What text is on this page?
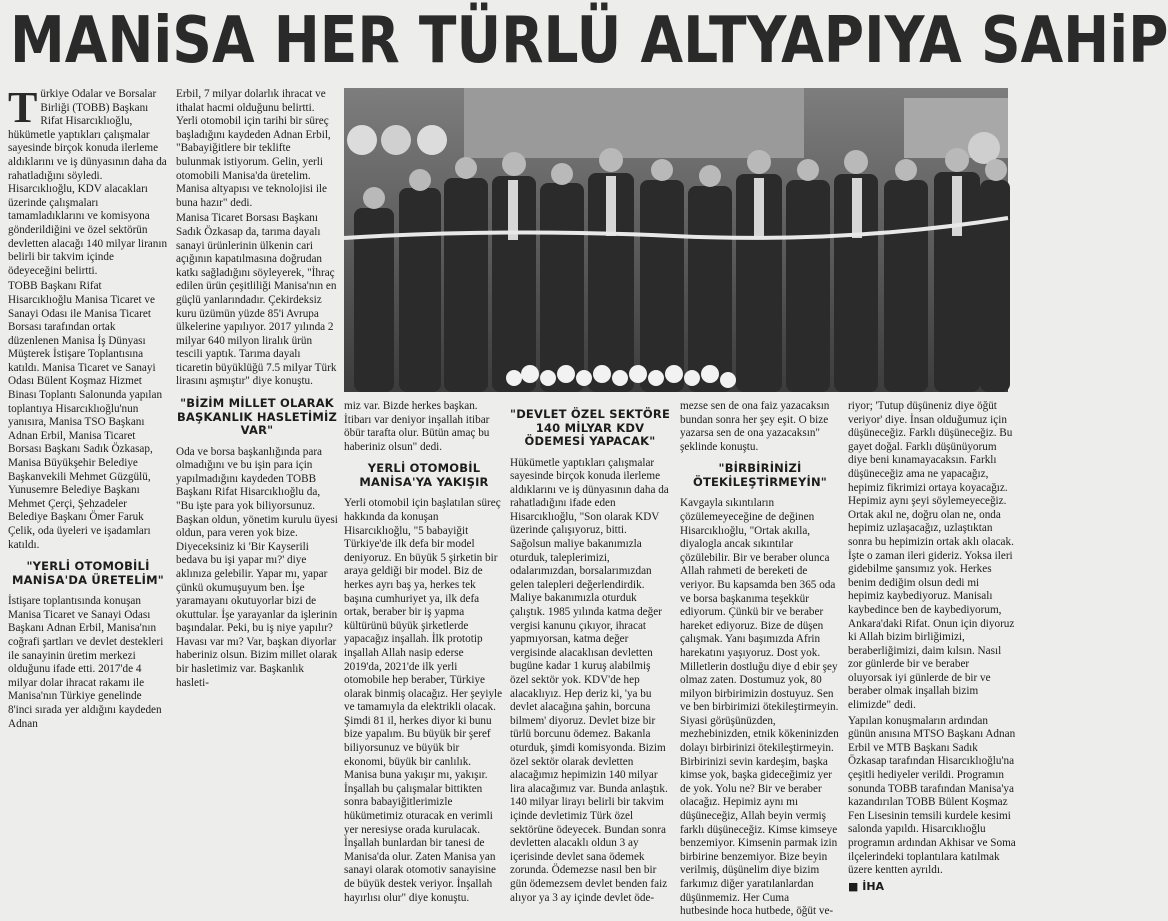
MANiSA HER TÜRLÜ ALTYAPIYA SAHiP

Türkiye Odalar ve Borsalar Birliği (TOBB) Başkanı Rifat Hisarcıklıoğlu, hükümetle yaptıkları çalışmalar sayesinde birçok konuda ilerleme aldıklarını ve iş dünyasının daha da rahatladığını söyledi. Hisarcıklıoğlu, KDV alacakları üzerinde çalışmaları tamamladıklarını ve komisyona gönderildiğini ve özel sektörün devletten alacağı 140 milyar liranın belirli bir takvim içinde ödeyeceğini belirtti.

TOBB Başkanı Rifat Hisarcıklıoğlu Manisa Ticaret ve Sanayi Odası ile Manisa Ticaret Borsası tarafından ortak düzenlenen Manisa İş Dünyası Müşterek İstişare Toplantısına katıldı. Manisa Ticaret ve Sanayi Odası Bülent Koşmaz Hizmet Binası Toplantı Salonunda yapılan toplantıya Hisarcıklıoğlu'nun yanısıra, Manisa TSO Başkanı Adnan Erbil, Manisa Ticaret Borsası Başkanı Sadık Özkasap, Manisa Büyükşehir Belediye Başkanvekili Mehmet Güzgülü, Yunusemre Belediye Başkanı Mehmet Çerçi, Şehzadeler Belediye Başkanı Ömer Faruk Çelik, oda üyeleri ve işadamları katıldı.

"YERLİ OTOMOBİLİ MANİSA'DA ÜRETELİM"

İstişare toplantısında konuşan Manisa Ticaret ve Sanayi Odası Başkanı Adnan Erbil, Manisa'nın coğrafi şartları ve devlet destekleri ile sanayinin üretim merkezi olduğunu ifade etti. 2017'de 4 milyar dolar ihracat rakamı ile Manisa'nın Türkiye genelinde 8'inci sırada yer aldığını kaydeden Adnan

Erbil, 7 milyar dolarlık ihracat ve ithalat hacmi olduğunu belirtti. Yerli otomobil için tarihi bir süreç başladığını kaydeden Adnan Erbil, "Babayiğitlere bir teklifte bulunmak istiyorum. Gelin, yerli otomobili Manisa'da üretelim. Manisa altyapısı ve teknolojisi ile buna hazır" dedi.

Manisa Ticaret Borsası Başkanı Sadık Özkasap da, tarıma dayalı sanayi ürünlerinin ülkenin cari açığının kapatılmasına doğrudan katkı sağladığını söyleyerek, "İhraç edilen ürün çeşitliliği Manisa'nın en güçlü yanlarındadır. Çekirdeksiz kuru üzümün yüzde 85'i Avrupa ülkelerine yapılıyor. 2017 yılında 2 milyar 640 milyon liralık ürün tescili yaptık. Tarıma dayalı ticaretin büyüklüğü 7.5 milyar Türk lirasını aşmıştır" diye konuştu.

"BİZİM MİLLET OLARAK BAŞKANLIK HASLETİMİZ VAR"

Oda ve borsa başkanlığında para olmadığını ve bu işin para için yapılmadığını kaydeden TOBB Başkanı Rifat Hisarcıklıoğlu da, "Bu işte para yok biliyorsunuz. Başkan oldun, yönetim kurulu üyesi oldun, para veren yok bize. Diyeceksiniz ki 'Bir Kayserili bedava bu işi yapar mı?' diye aklınıza gelebilir. Yapar mı, yapar çünkü okumuşuyum ben. İşe yaramayanı okutuyorlar bizi de okuttular. İşe yarayanlar da işlerinin başındalar. Peki, bu iş niye yapılır? Havası var mı? Var, başkan diyorlar haberiniz olsun. Bizim millet olarak bir hasletimiz var. Başkanlık hasleti-

miz var. Bizde herkes başkan. İtibarı var deniyor inşallah itibar öbür tarafta olur. Bütün amaç bu haberiniz olsun" dedi.

YERLİ OTOMOBİL MANİSA'YA YAKIŞIR

Yerli otomobil için başlatılan süreç hakkında da konuşan Hisarcıklıoğlu, "5 babayiğit Türkiye'de ilk defa bir model deniyoruz. En büyük 5 şirketin bir araya geldiği bir model. Biz de herkes ayrı baş ya, herkes tek başına cumhuriyet ya, ilk defa ortak, beraber bir iş yapma kültürünü büyük şirketlerde yapacağız inşallah. İlk prototip inşallah Allah nasip ederse 2019'da, 2021'de ilk yerli otomobile hep beraber, Türkiye olarak binmiş olacağız. Her şeyiyle ve tamamıyla da elektrikli olacak. Şimdi 81 il, herkes diyor ki bunu bize yapalım. Bu büyük bir şeref biliyorsunuz ve büyük bir ekonomi, büyük bir canlılık. Manisa buna yakışır mı, yakışır. İnşallah bu çalışmalar bittikten sonra babayiğitlerimizle hükümetimiz oturacak en verimli yer neresiyse orada kurulacak. İnşallah bunlardan bir tanesi de Manisa'da olur. Zaten Manisa yan sanayi olarak otomotiv sanayisine de büyük destek veriyor. İnşallah hayırlısı olur" diye konuştu.

"DEVLET ÖZEL SEKTÖRE 140 MİLYAR KDV ÖDEMESİ YAPACAK"

Hükümetle yaptıkları çalışmalar sayesinde birçok konuda ilerleme aldıklarını ve iş dünyasının daha da rahatladığını ifade eden Hisarcıklıoğlu, "Son olarak KDV üzerinde çalışıyoruz, bitti. Sağolsun maliye bakanımızla oturduk, taleplerimizi, odalarımızdan, borsalarımızdan gelen talepleri değerlendirdik. Maliye bakanımızla oturduk çalıştık. 1985 yılında katma değer vergisi kanunu çıkıyor, ihracat yapmıyorsan, katma değer vergisinde alacaklısan devletten bugüne kadar 1 kuruş alabilmiş özel sektör yok. KDV'de hep alacaklıyız. Hep deriz ki, 'ya bu devlet alacağına şahin, borcuna bilmem' diyoruz. Devlet bize bir türlü borcunu ödemez. Bakanla oturduk, şimdi komisyonda. Bizim özel sektör olarak devletten alacağımız hepimizin 140 milyar lira alacağımız var. Bunda anlaştık. 140 milyar lirayı belirli bir takvim içinde devletimiz Türk özel sektörüne ödeyecek. Bundan sonra devletten alacaklı oldun 3 ay içerisinde devlet sana ödemek zorunda. Ödemezse nasıl ben bir gün ödemezsem devlet benden faiz alıyor ya 3 ay içinde devlet öde-

mezse sen de ona faiz yazacaksın bundan sonra her şey eşit. O bize yazarsa sen de ona yazacaksın" şeklinde konuştu.

"BİRBİRİNİZİ ÖTEKİLEŞTİRMEYİN"

Kavgayla sıkıntıların çözülemeyeceğine de değinen Hisarcıklıoğlu, "Ortak akılla, diyalogla ancak sıkıntılar çözülebilir. Bir ve beraber olunca Allah rahmeti de bereketi de veriyor. Bu kapsamda ben 365 oda ve borsa başkanıma teşekkür ediyorum. Çünkü bir ve beraber hareket ediyoruz. Bize de düşen çalışmak. Yanı başımızda Afrin harekatını yaşıyoruz. Dost yok. Milletlerin dostluğu diye d ebir şey olmaz zaten. Dostumuz yok, 80 milyon birbirimizin dostuyuz. Sen ve ben birbirimizi ötekileştirmeyin. Siyasi görüşünüzden, mezhebinizden, etnik kökeninizden dolayı birbirinizi ötekileştirmeyin. Birbirinizi sevin kardeşim, başka kimse yok, başka gideceğimiz yer de yok. Yolu ne? Bir ve beraber olacağız. Hepimiz aynı mı düşüneceğiz, Allah beyin vermiş farklı düşüneceğiz. Kimse kimseye benzemiyor. Kimsenin parmak izin birbirine benzemiyor. Bize beyin verilmiş, düşünelim diye bizim farkımız diğer yaratılanlardan düşünmemiz. Her Cuma hutbesinde hoca hutbede, öğüt ve-

riyor; 'Tutup düşüneniz diye öğüt veriyor' diye. İnsan olduğumuz için düşüneceğiz. Farklı düşüneceğiz. Bu gayet doğal. Farklı düşünüyorum diye beni kınamayacaksın. Farklı düşüneceğiz ama ne yapacağız, hepimiz fikrimizi ortaya koyacağız. Hepimiz aynı şeyi söylemeyeceğiz. Ortak akıl ne, doğru olan ne, onda hepimiz uzlaşacağız, uzlaştıktan sonra bu hepimizin ortak aklı olacak. İşte o zaman ileri gideriz. Yoksa ileri gidebilme şansımız yok. Herkes benim dediğim olsun dedi mi hepimiz kaybediyoruz. Manisalı kaybedince ben de kaybediyorum, Ankara'daki Rifat. Onun için diyoruz ki Allah bizim birliğimizi, beraberliğimizi, daim kılsın. Nasıl zor günlerde bir ve beraber oluyorsak iyi günlerde de bir ve beraber olmak inşallah bizim elimizde" dedi.

Yapılan konuşmaların ardından günün anısına MTSO Başkanı Adnan Erbil ve MTB Başkanı Sadık Özkasap tarafından Hisarcıklıoğlu'na çeşitli hediyeler verildi. Programın sonunda TOBB tarafından Manisa'ya kazandırılan TOBB Bülent Koşmaz Fen Lisesinin temsili kurdele kesimi salonda yapıldı. Hisarcıklıoğlu programın ardından Akhisar ve Soma ilçelerindeki toplantılara katılmak üzere kentten ayrıldı.

■ İHA
